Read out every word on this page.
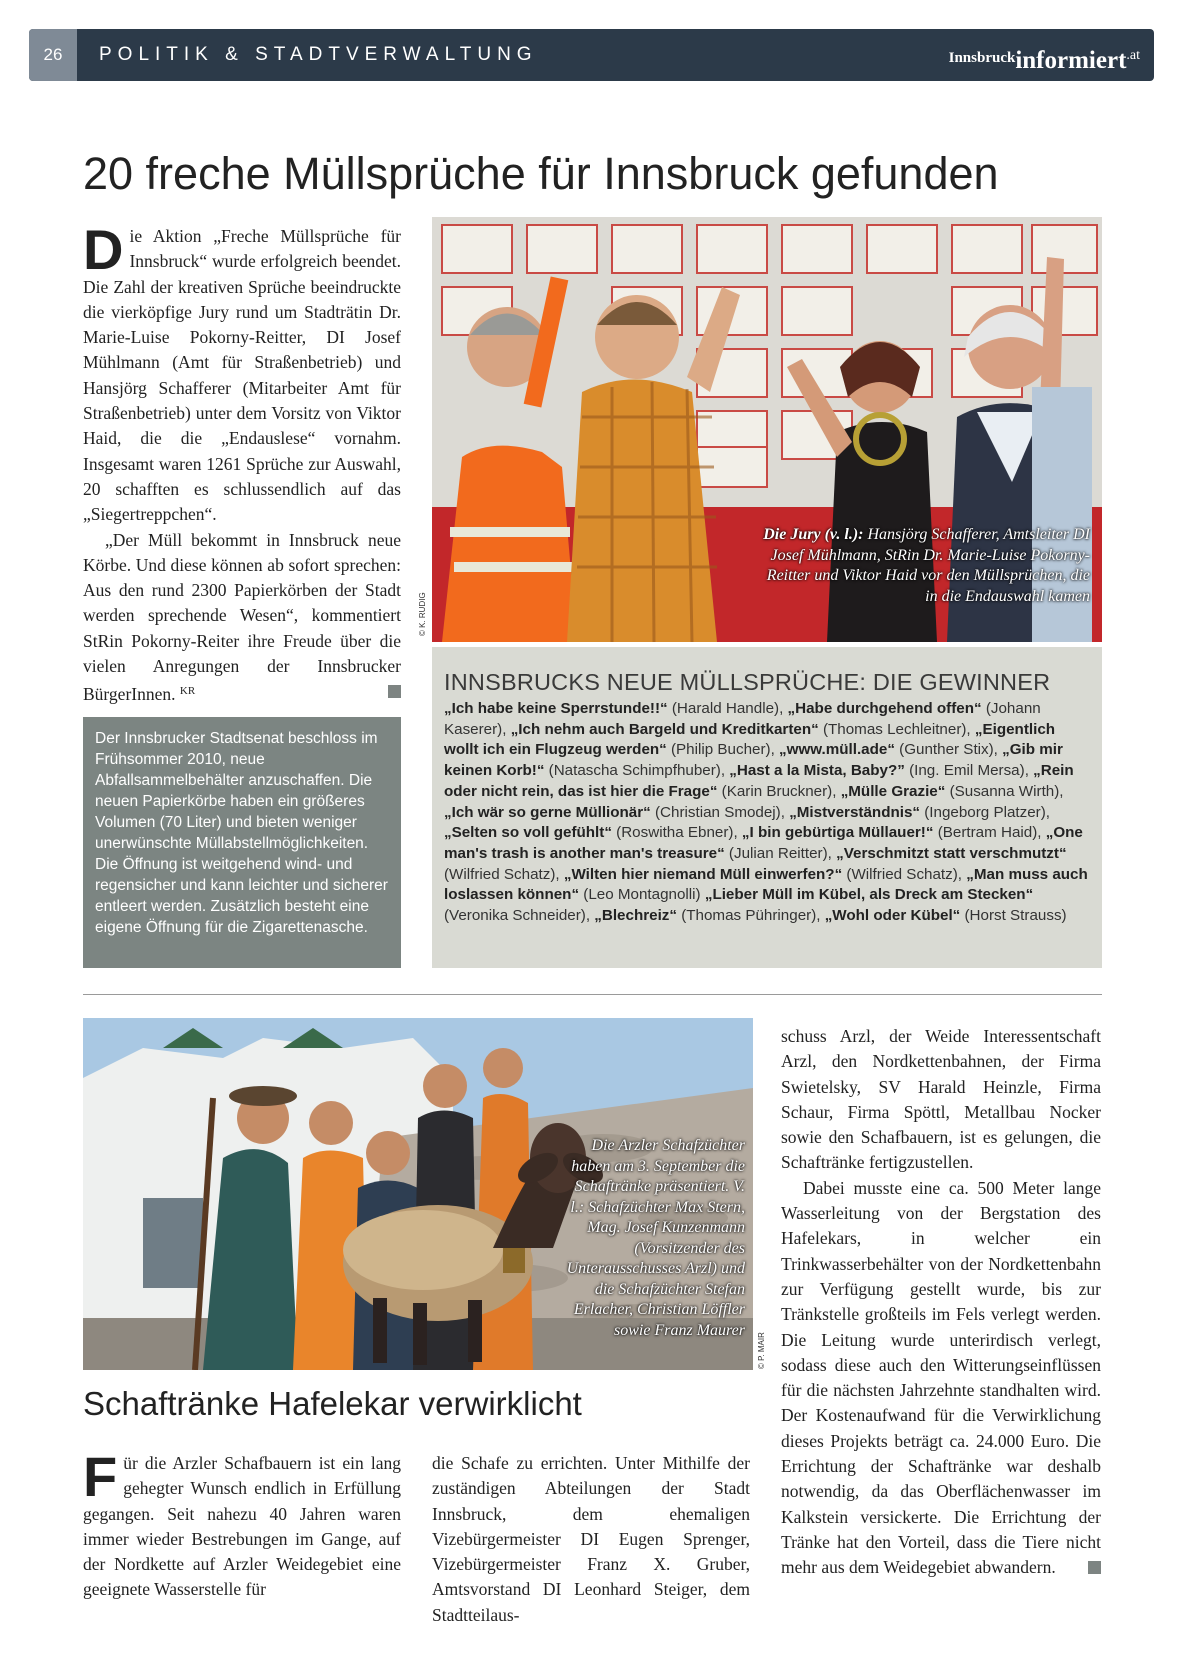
26	POLITIK & STADTVERWALTUNG	Innsbruckinformiert.at
20 freche Müllsprüche für Innsbruck gefunden

Die Aktion „Freche Müllsprüche für Innsbruck“ wurde erfolgreich beendet. Die Zahl der kreativen Sprüche beeindruckte die vierköpfige Jury rund um Stadträtin Dr. Marie-Luise Pokorny-Reitter, DI Josef Mühlmann (Amt für Straßenbetrieb) und Hansjörg Schafferer (Mitarbeiter Amt für Straßenbetrieb) unter dem Vorsitz von Viktor Haid, die die „Endauslese“ vornahm. Insgesamt waren 1261 Sprüche zur Auswahl, 20 schafften es schlussendlich auf das „Siegertreppchen“.

„Der Müll bekommt in Innsbruck neue Körbe. Und diese können ab sofort sprechen: Aus den rund 2300 Papierkörben der Stadt werden sprechende Wesen“, kommentiert StRin Pokorny-Reiter ihre Freude über die vielen Anregungen der Innsbrucker BürgerInnen. $^{KR}$

Der Innsbrucker Stadtsenat beschloss im Frühsommer 2010, neue Abfallsammelbehälter anzuschaffen. Die neuen Papierkörbe haben ein größeres Volumen (70 Liter) und bieten weniger unerwünschte Müllabstellmöglichkeiten. Die Öffnung ist weitgehend wind- und regensicher und kann leichter und sicherer entleert werden. Zusätzlich besteht eine eigene Öffnung für die Zigarettenasche.
Die Jury (v. l.): Hansjörg Schafferer, Amtsleiter DI Josef Mühlmann, StRin Dr. Marie-Luise Pokorny-Reitter und Viktor Haid vor den Müllsprüchen, die in die Endauswahl kamen
© K. RUDIG
INNSBRUCKS NEUE MÜLLSPRÜCHE: DIE GEWINNER
„Ich habe keine Sperrstunde!!“ (Harald Handle), „Habe durchgehend offen“ (Johann Kaserer), „Ich nehm auch Bargeld und Kreditkarten“ (Thomas Lechleitner), „Eigentlich wollt ich ein Flugzeug werden“ (Philip Bucher), „www.müll.ade“ (Gunther Stix), „Gib mir keinen Korb!“ (Natascha Schimpfhuber), „Hast a la Mista, Baby?” (Ing. Emil Mersa), „Rein oder nicht rein, das ist hier die Frage“ (Karin Bruckner), „Mülle Grazie“ (Susanna Wirth), „Ich wär so gerne Müllionär“ (Christian Smodej), „Mistverständnis“ (Ingeborg Platzer), „Selten so voll gefühlt“ (Roswitha Ebner), „I bin gebürtiga Müllauer!“ (Bertram Haid), „One man's trash is another man's treasure“ (Julian Reitter), „Verschmitzt statt verschmutzt“ (Wilfried Schatz), „Wilten hier niemand Müll einwerfen?“ (Wilfried Schatz), „Man muss auch loslassen können“ (Leo Montagnolli) „Lieber Müll im Kübel, als Dreck am Stecken“ (Veronika Schneider), „Blechreiz“ (Thomas Pühringer), „Wohl oder Kübel“ (Horst Strauss)
Die Arzler Schafzüchter haben am 3. September die Schaftränke präsentiert. V. l.: Schafzüchter Max Stern, Mag. Josef Kunzenmann (Vorsitzender des Unterausschusses Arzl) und die Schafzüchter Stefan Erlacher, Christian Löffler sowie Franz Maurer
© P. MAIR
Schaftränke Hafelekar verwirklicht

Für die Arzler Schafbauern ist ein lang gehegter Wunsch endlich in Erfüllung gegangen. Seit nahezu 40 Jahren waren immer wieder Bestrebungen im Gange, auf der Nordkette auf Arzler Weidegebiet eine geeignete Wasserstelle für

die Schafe zu errichten. Unter Mithilfe der zuständigen Abteilungen der Stadt Innsbruck, dem ehemaligen Vizebürgermeister DI Eugen Sprenger, Vizebürgermeister Franz X. Gruber, Amtsvorstand DI Leonhard Steiger, dem Stadtteilaus-

schuss Arzl, der Weide Interessentschaft Arzl, den Nordkettenbahnen, der Firma Swietelsky, SV Harald Heinzle, Firma Schaur, Firma Spöttl, Metallbau Nocker sowie den Schafbauern, ist es gelungen, die Schaftränke fertigzustellen.

Dabei musste eine ca. 500 Meter lange Wasserleitung von der Bergstation des Hafelekars, in welcher ein Trinkwasserbehälter von der Nordkettenbahn zur Verfügung gestellt wurde, bis zur Tränkstelle großteils im Fels verlegt werden. Die Leitung wurde unterirdisch verlegt, sodass diese auch den Witterungseinflüssen für die nächsten Jahrzehnte standhalten wird. Der Kostenaufwand für die Verwirklichung dieses Projekts beträgt ca. 24.000 Euro. Die Errichtung der Schaftränke war deshalb notwendig, da das Oberflächenwasser im Kalkstein versickerte. Die Errichtung der Tränke hat den Vorteil, dass die Tiere nicht mehr aus dem Weidegebiet abwandern.
